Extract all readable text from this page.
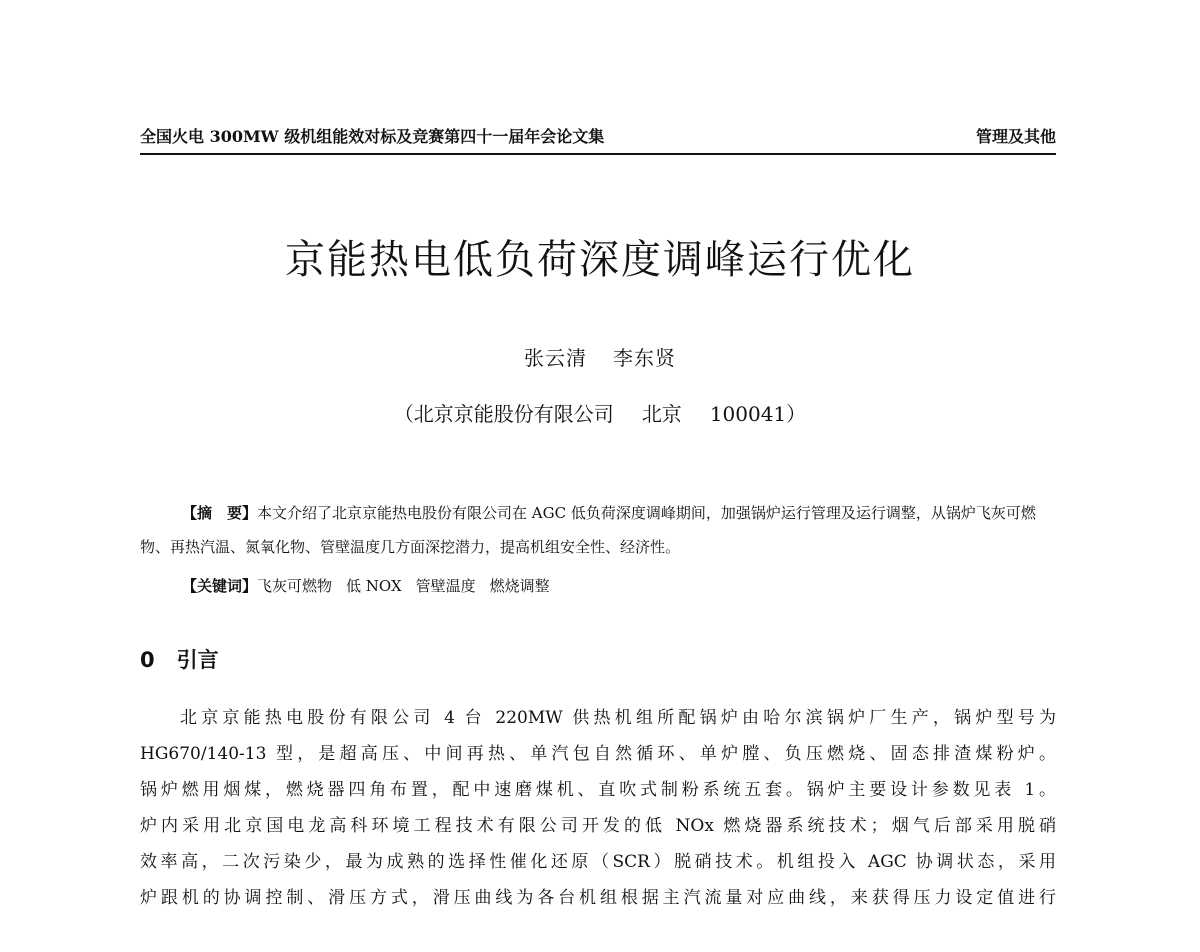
全国火电 300MW 级机组能效对标及竞赛第四十一届年会论文集	管理及其他
京能热电低负荷深度调峰运行优化
张云清 李东贤
（北京京能股份有限公司 北京 100041）
【摘　要】本文介绍了北京京能热电股份有限公司在 AGC 低负荷深度调峰期间，加强锅炉运行管理及运行调整，从锅炉飞灰可燃物、再热汽温、氮氧化物、管壁温度几方面深挖潜力，提高机组安全性、经济性。
【关键词】飞灰可燃物 低 NOX 管壁温度 燃烧调整
0 引言
北京京能热电股份有限公司 4 台 220MW 供热机组所配锅炉由哈尔滨锅炉厂生产，锅炉型号为
HG670/140-13 型，是超高压、中间再热、单汽包自然循环、单炉膛、负压燃烧、固态排渣煤粉炉。
锅炉燃用烟煤，燃烧器四角布置，配中速磨煤机、直吹式制粉系统五套。锅炉主要设计参数见表 1。
炉内采用北京国电龙高科环境工程技术有限公司开发的低 NOx 燃烧器系统技术；烟气后部采用脱硝
效率高，二次污染少，最为成熟的选择性催化还原（SCR）脱硝技术。机组投入 AGC 协调状态，采用
炉跟机的协调控制、滑压方式，滑压曲线为各台机组根据主汽流量对应曲线，来获得压力设定值进行
